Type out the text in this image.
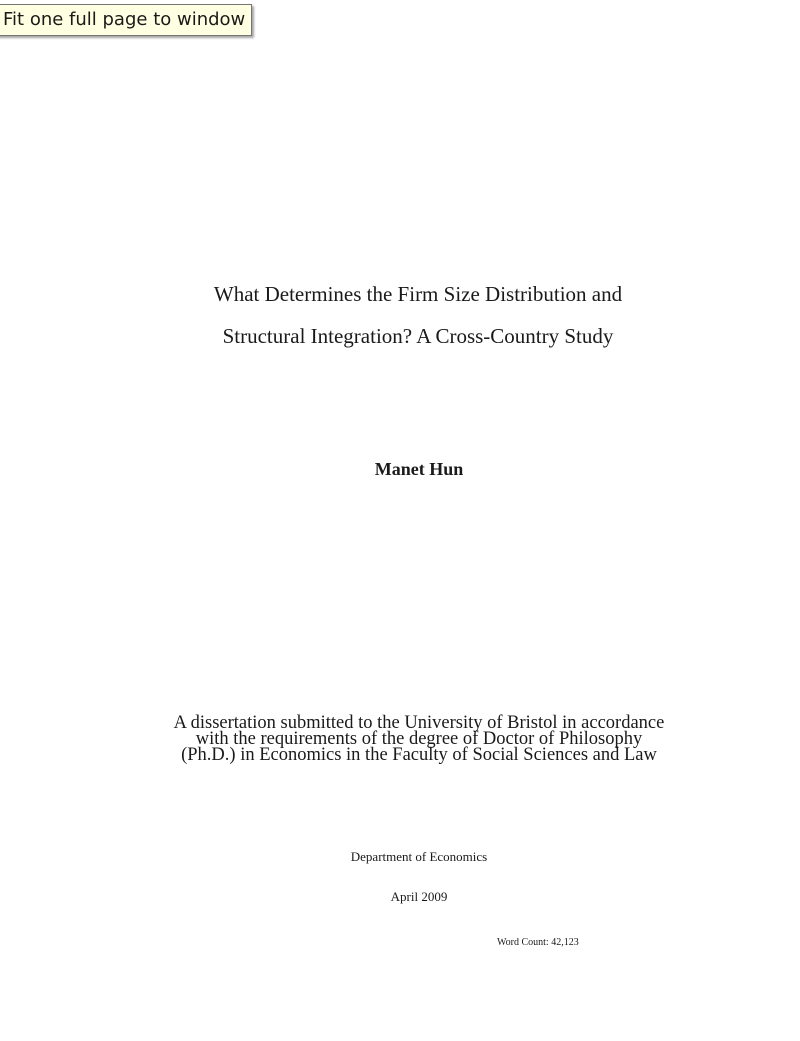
What Determines the Firm Size Distribution and
Structural Integration? A Cross-Country Study
Manet Hun
A dissertation submitted to the University of Bristol in accordance
with the requirements of the degree of Doctor of Philosophy
(Ph.D.) in Economics in the Faculty of Social Sciences and Law
Department of Economics
April 2009
Word Count: 42,123
Fit one full page to window
